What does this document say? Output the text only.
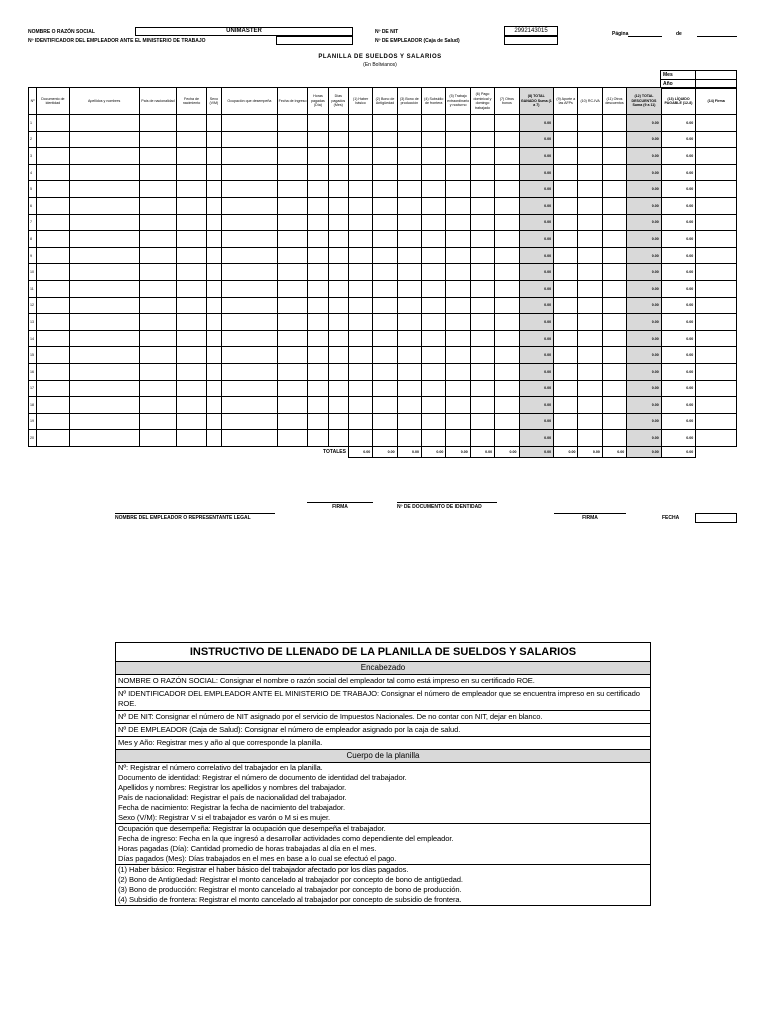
NOMBRE O RAZÓN SOCIAL	UNIMASTER
Nº IDENTIFICADOR DEL EMPLEADOR ANTE EL MINISTERIO DE TRABAJO
Nº DE NIT	2992143015
Nº DE EMPLEADOR (Caja de Salud)
Página	de
PLANILLA DE SUELDOS Y SALARIOS
(En Bolivianos)
Mes	
Año	
Nº	Documento de identidad	Apellidos y nombres	País de nacionalidad	Fecha de nacimiento	Sexo (V/M)	Ocupación que desempeña	Fecha de ingreso	Horas pagadas (Día)	Días pagados (Mes)	(1) Haber básico	(2) Bono de Antigüedad	(3) Bono de producción	(4) Subsidio de frontera	(5) Trabajo extraordinario y nocturno	(6) Pago dominical y domingo trabajado	(7) Otros bonos	(8) TOTAL GANADO Suma (1 a 7)	(9) Aporte a las AFPs	(10) RC-IVA	(11) Otros descuentos	(12) TOTAL DESCUENTOS Suma (9 a 11)	(13) LÍQUIDO PAGABLE (12-8)	(14) Firma
1																	0.00				0.00	0.00	
2																	0.00				0.00	0.00	
3																	0.00				0.00	0.00	
4																	0.00				0.00	0.00	
5																	0.00				0.00	0.00	
6																	0.00				0.00	0.00	
7																	0.00				0.00	0.00	
8																	0.00				0.00	0.00	
9																	0.00				0.00	0.00	
10																	0.00				0.00	0.00	
11																	0.00				0.00	0.00	
12																	0.00				0.00	0.00	
13																	0.00				0.00	0.00	
14																	0.00				0.00	0.00	
15																	0.00				0.00	0.00	
16																	0.00				0.00	0.00	
17																	0.00				0.00	0.00	
18																	0.00				0.00	0.00	
19																	0.00				0.00	0.00	
20																	0.00				0.00	0.00	
TOTALES										0.00	0.00	0.00	0.00	0.00	0.00	0.00	0.00	0.00	0.00	0.00	0.00	0.00	
FIRMA	Nº DE DOCUMENTO DE IDENTIDAD
NOMBRE DEL EMPLEADOR O REPRESENTANTE LEGAL	FIRMA	FECHA
INSTRUCTIVO DE LLENADO DE LA PLANILLA DE SUELDOS Y SALARIOS
Encabezado
NOMBRE O RAZÓN SOCIAL: Consignar el nombre o razón social del empleador tal como está impreso en su certificado ROE.
Nº IDENTIFICADOR DEL EMPLEADOR ANTE EL MINISTERIO DE TRABAJO: Consignar el número de empleador que se encuentra impreso en su certificado ROE.
Nº DE NIT: Consignar el número de NIT asignado por el servicio de Impuestos Nacionales. De no contar con NIT, dejar en blanco.
Nº DE EMPLEADOR (Caja de Salud): Consignar el número de empleador asignado por la caja de salud.
Mes y Año: Registrar mes y año al que corresponde la planilla.
Cuerpo de la planilla
Nº: Registrar el número correlativo del trabajador en la planilla.
Documento de identidad: Registrar el número de documento de identidad del trabajador.
Apellidos y nombres: Registrar los apellidos y nombres del trabajador.
País de nacionalidad: Registrar el país de nacionalidad del trabajador.
Fecha de nacimiento: Registrar la fecha de nacimiento del trabajador.
Sexo (V/M): Registrar V si el trabajador es varón o M si es mujer.
Ocupación que desempeña: Registrar la ocupación que desempeña el trabajador.
Fecha de ingreso: Fecha en la que ingresó a desarrollar actividades como dependiente del empleador.
Horas pagadas (Día): Cantidad promedio de horas trabajadas al día en el mes.
Días pagados (Mes): Días trabajados en el mes en base a lo cual se efectuó el pago.
(1) Haber básico: Registrar el haber básico del trabajador afectado por los días pagados.
(2) Bono de Antigüedad: Registrar el monto cancelado al trabajador por concepto de bono de antigüedad.
(3) Bono de producción: Registrar el monto cancelado al trabajador por concepto de bono de producción.
(4) Subsidio de frontera: Registrar el monto cancelado al trabajador por concepto de subsidio de frontera.
